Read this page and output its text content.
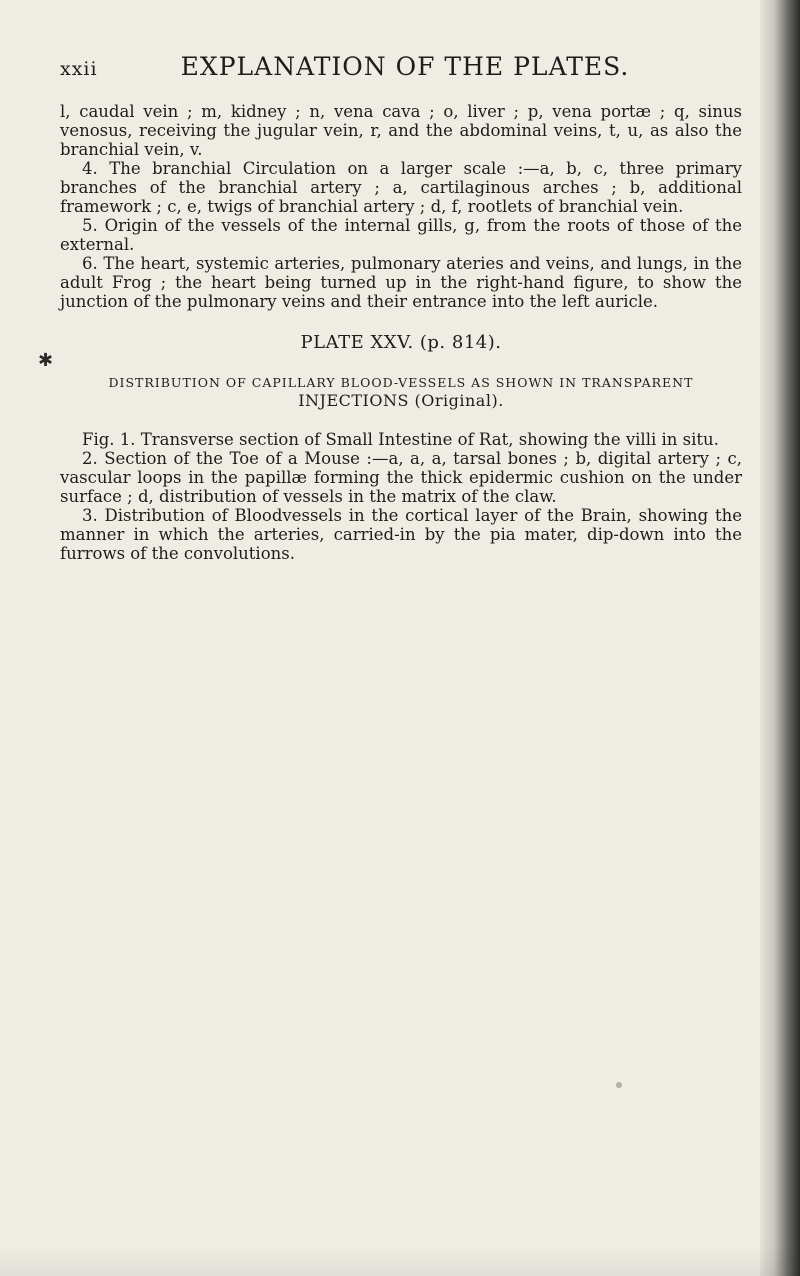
xxii	EXPLANATION OF THE PLATES.
✱

l, caudal vein ; m, kidney ; n, vena cava ; o, liver ; p, vena portæ ; q, sinus venosus, receiving the jugular vein, r, and the abdominal veins, t, u, as also the branchial vein, v.

4. The branchial Circulation on a larger scale :—a, b, c, three primary branches of the branchial artery ; a, cartilaginous arches ; b, additional framework ; c, e, twigs of branchial artery ; d, f, rootlets of branchial vein.

5. Origin of the vessels of the internal gills, g, from the roots of those of the external.

6. The heart, systemic arteries, pulmonary ateries and veins, and lungs, in the adult Frog ; the heart being turned up in the right-hand figure, to show the junction of the pulmonary veins and their entrance into the left auricle.

PLATE XXV. (p. 814).
DISTRIBUTION OF CAPILLARY BLOOD-VESSELS AS SHOWN IN TRANSPARENT
INJECTIONS (Original).

Fig. 1. Transverse section of Small Intestine of Rat, showing the villi in situ.

2. Section of the Toe of a Mouse :—a, a, a, tarsal bones ; b, digital artery ; c, vascular loops in the papillæ forming the thick epidermic cushion on the under surface ; d, distribution of vessels in the matrix of the claw.

3. Distribution of Bloodvessels in the cortical layer of the Brain, showing the manner in which the arteries, carried-in by the pia mater, dip-down into the furrows of the convolutions.
